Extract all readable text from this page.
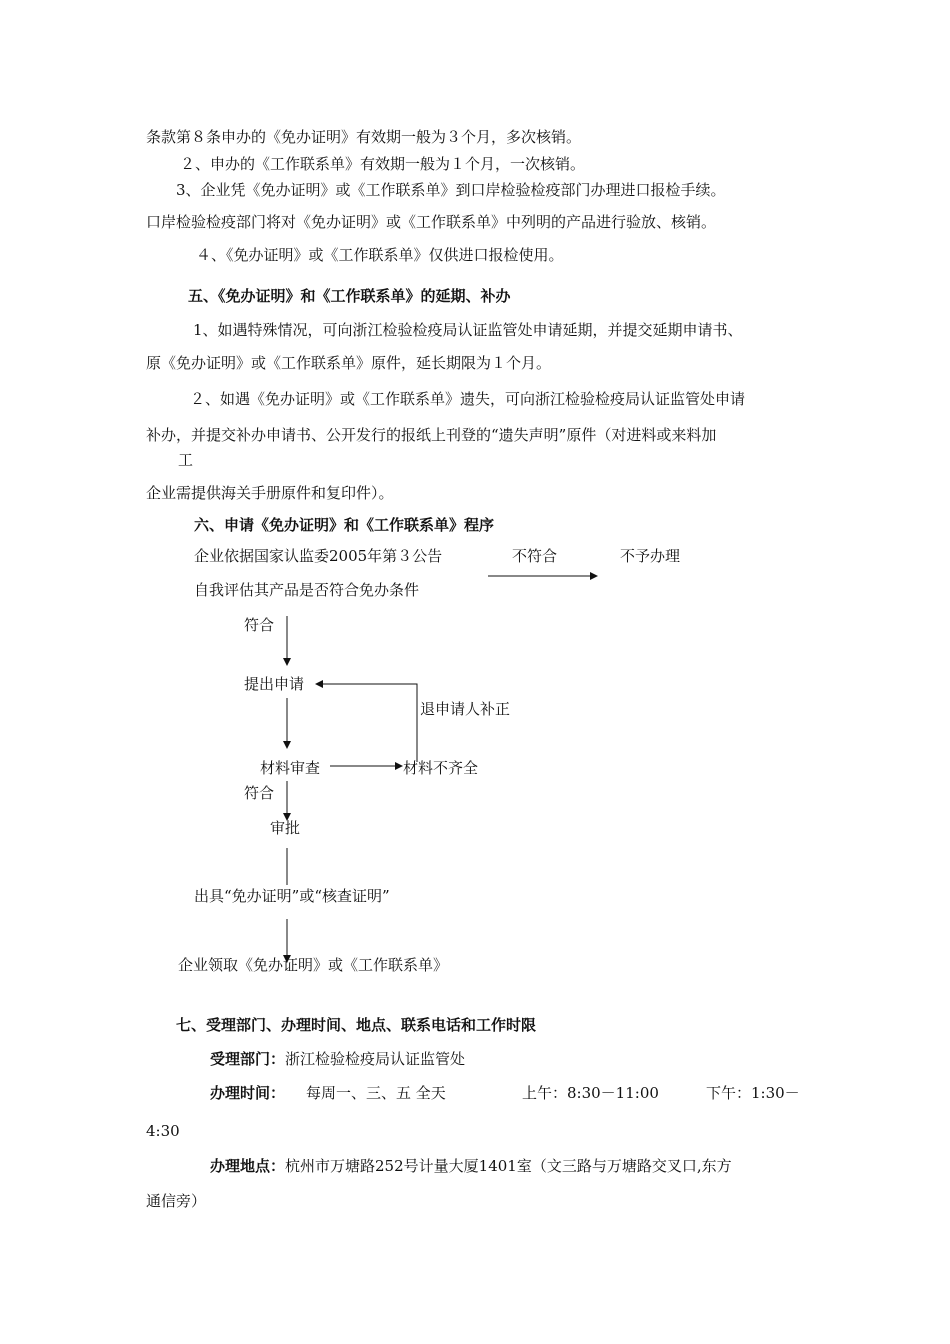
条款第８条申办的《免办证明》有效期一般为３个月，多次核销。
２、申办的《工作联系单》有效期一般为１个月，一次核销。
3、企业凭《免办证明》或《工作联系单》到口岸检验检疫部门办理进口报检手续。
口岸检验检疫部门将对《免办证明》或《工作联系单》中列明的产品进行验放、核销。
４、《免办证明》或《工作联系单》仅供进口报检使用。
五、《免办证明》和《工作联系单》的延期、补办
1、如遇特殊情况，可向浙江检验检疫局认证监管处申请延期，并提交延期申请书、
原《免办证明》或《工作联系单》原件，延长期限为１个月。
２、如遇《免办证明》或《工作联系单》遗失，可向浙江检验检疫局认证监管处申请
补办，并提交补办申请书、公开发行的报纸上刊登的“遗失声明”原件（对进料或来料加
工
企业需提供海关手册原件和复印件）。
六、申请《免办证明》和《工作联系单》程序
企业依据国家认监委2005年第３公告
自我评估其产品是否符合免办条件
不符合	不予办理
符合
提出申请
退申请人补正
材料审查	材料不齐全
符合
审批
出具“免办证明”或“核查证明”
企业领取《免办证明》或《工作联系单》
七、受理部门、办理时间、地点、联系电话和工作时限
受理部门：浙江检验检疫局认证监管处
办理时间： 每周一、三、五 全天	上午：8:30－11:00	下午：1:30－
4:30
办理地点：杭州市万塘路252号计量大厦1401室（文三路与万塘路交叉口,东方
通信旁）
